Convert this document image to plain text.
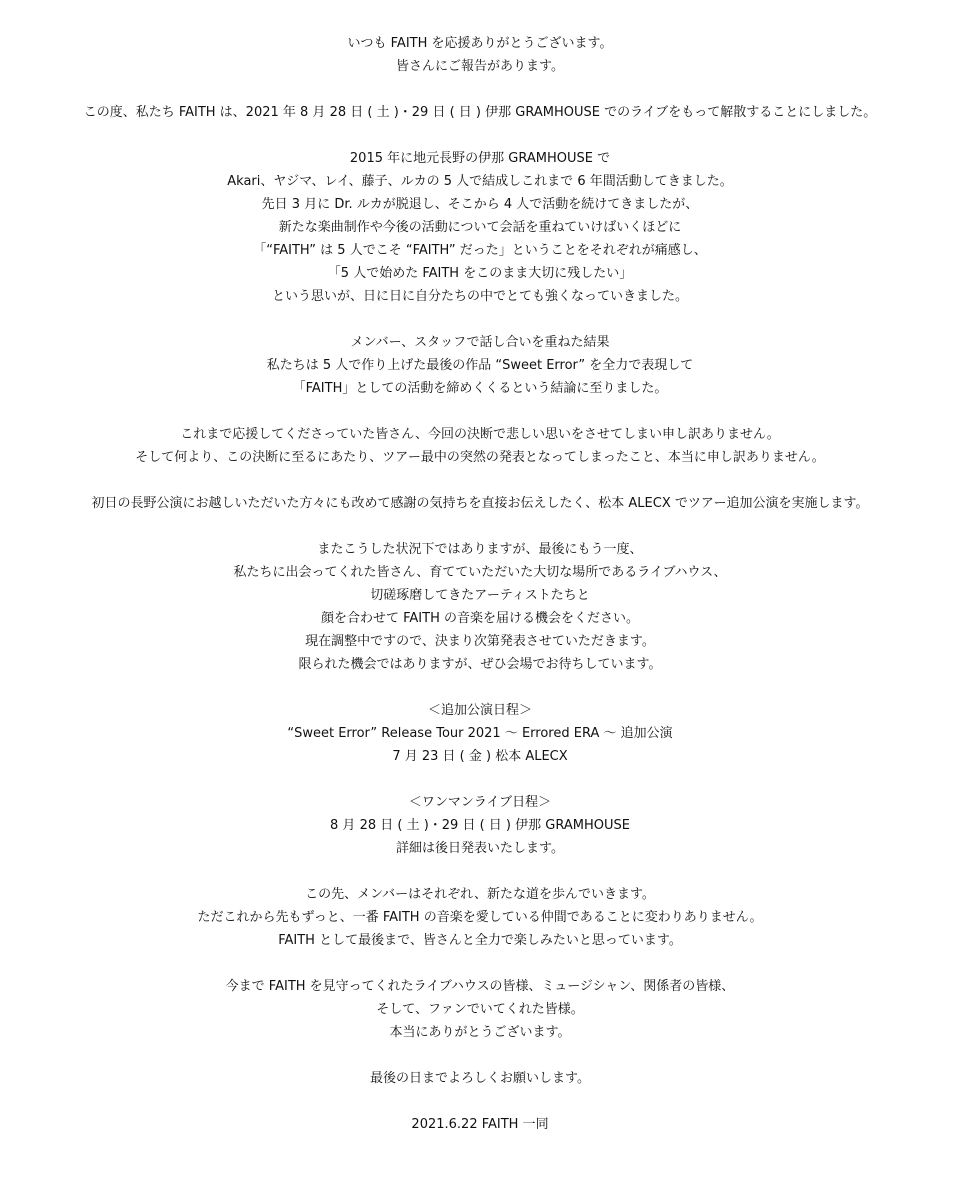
いつも FAITH を応援ありがとうございます。
皆さんにご報告があります。
この度、私たち FAITH は、2021 年 8 月 28 日 ( 土 )・29 日 ( 日 ) 伊那 GRAMHOUSE でのライブをもって解散することにしました。
2015 年に地元長野の伊那 GRAMHOUSE で
Akari、ヤジマ、レイ、藤子、ルカの 5 人で結成しこれまで 6 年間活動してきました。
先日 3 月に Dr. ルカが脱退し、そこから 4 人で活動を続けてきましたが、
新たな楽曲制作や今後の活動について会話を重ねていけばいくほどに
「“FAITH” は 5 人でこそ “FAITH” だった」ということをそれぞれが痛感し、
「5 人で始めた FAITH をこのまま大切に残したい」
という思いが、日に日に自分たちの中でとても強くなっていきました。
メンバー、スタッフで話し合いを重ねた結果
私たちは 5 人で作り上げた最後の作品 “Sweet Error” を全力で表現して
「FAITH」としての活動を締めくくるという結論に至りました。
これまで応援してくださっていた皆さん、今回の決断で悲しい思いをさせてしまい申し訳ありません。
そして何より、この決断に至るにあたり、ツアー最中の突然の発表となってしまったこと、本当に申し訳ありません。
初日の長野公演にお越しいただいた方々にも改めて感謝の気持ちを直接お伝えしたく、松本 ALECX でツアー追加公演を実施します。
またこうした状況下ではありますが、最後にもう一度、
私たちに出会ってくれた皆さん、育てていただいた大切な場所であるライブハウス、
切磋琢磨してきたアーティストたちと
顔を合わせて FAITH の音楽を届ける機会をください。
現在調整中ですので、決まり次第発表させていただきます。
限られた機会ではありますが、ぜひ会場でお待ちしています。
＜追加公演日程＞
“Sweet Error” Release Tour 2021 ～ Errored ERA ～ 追加公演
7 月 23 日 ( 金 ) 松本 ALECX
＜ワンマンライブ日程＞
8 月 28 日 ( 土 )・29 日 ( 日 ) 伊那 GRAMHOUSE
詳細は後日発表いたします。
この先、メンバーはそれぞれ、新たな道を歩んでいきます。
ただこれから先もずっと、一番 FAITH の音楽を愛している仲間であることに変わりありません。
FAITH として最後まで、皆さんと全力で楽しみたいと思っています。
今まで FAITH を見守ってくれたライブハウスの皆様、ミュージシャン、関係者の皆様、
そして、ファンでいてくれた皆様。
本当にありがとうございます。
最後の日までよろしくお願いします。
2021.6.22 FAITH 一同
